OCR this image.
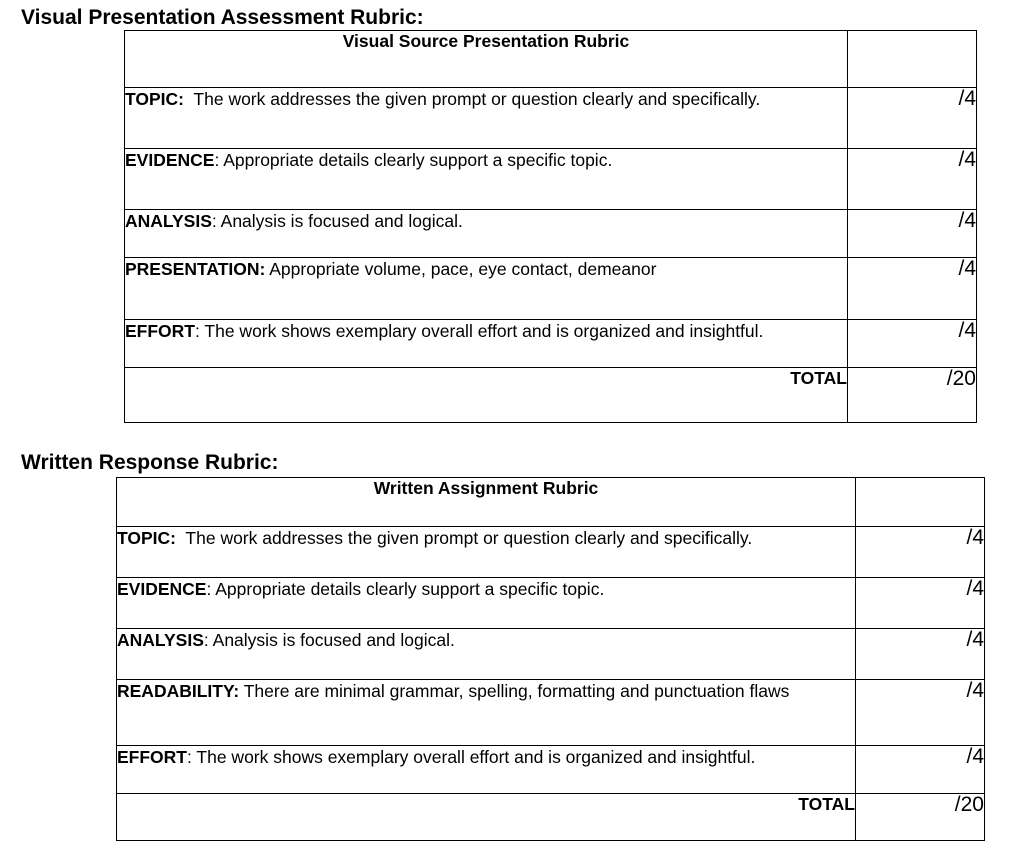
Visual Presentation Assessment Rubric:
Visual Source Presentation Rubric	
TOPIC: The work addresses the given prompt or question clearly and specifically.	/4
EVIDENCE: Appropriate details clearly support a specific topic.	/4
ANALYSIS: Analysis is focused and logical.	/4
PRESENTATION: Appropriate volume, pace, eye contact, demeanor	/4
EFFORT: The work shows exemplary overall effort and is organized and insightful.	/4
TOTAL	/20
Written Response Rubric:
Written Assignment Rubric	
TOPIC: The work addresses the given prompt or question clearly and specifically.	/4
EVIDENCE: Appropriate details clearly support a specific topic.	/4
ANALYSIS: Analysis is focused and logical.	/4
READABILITY: There are minimal grammar, spelling, formatting and punctuation flaws	/4
EFFORT: The work shows exemplary overall effort and is organized and insightful.	/4
TOTAL	/20
